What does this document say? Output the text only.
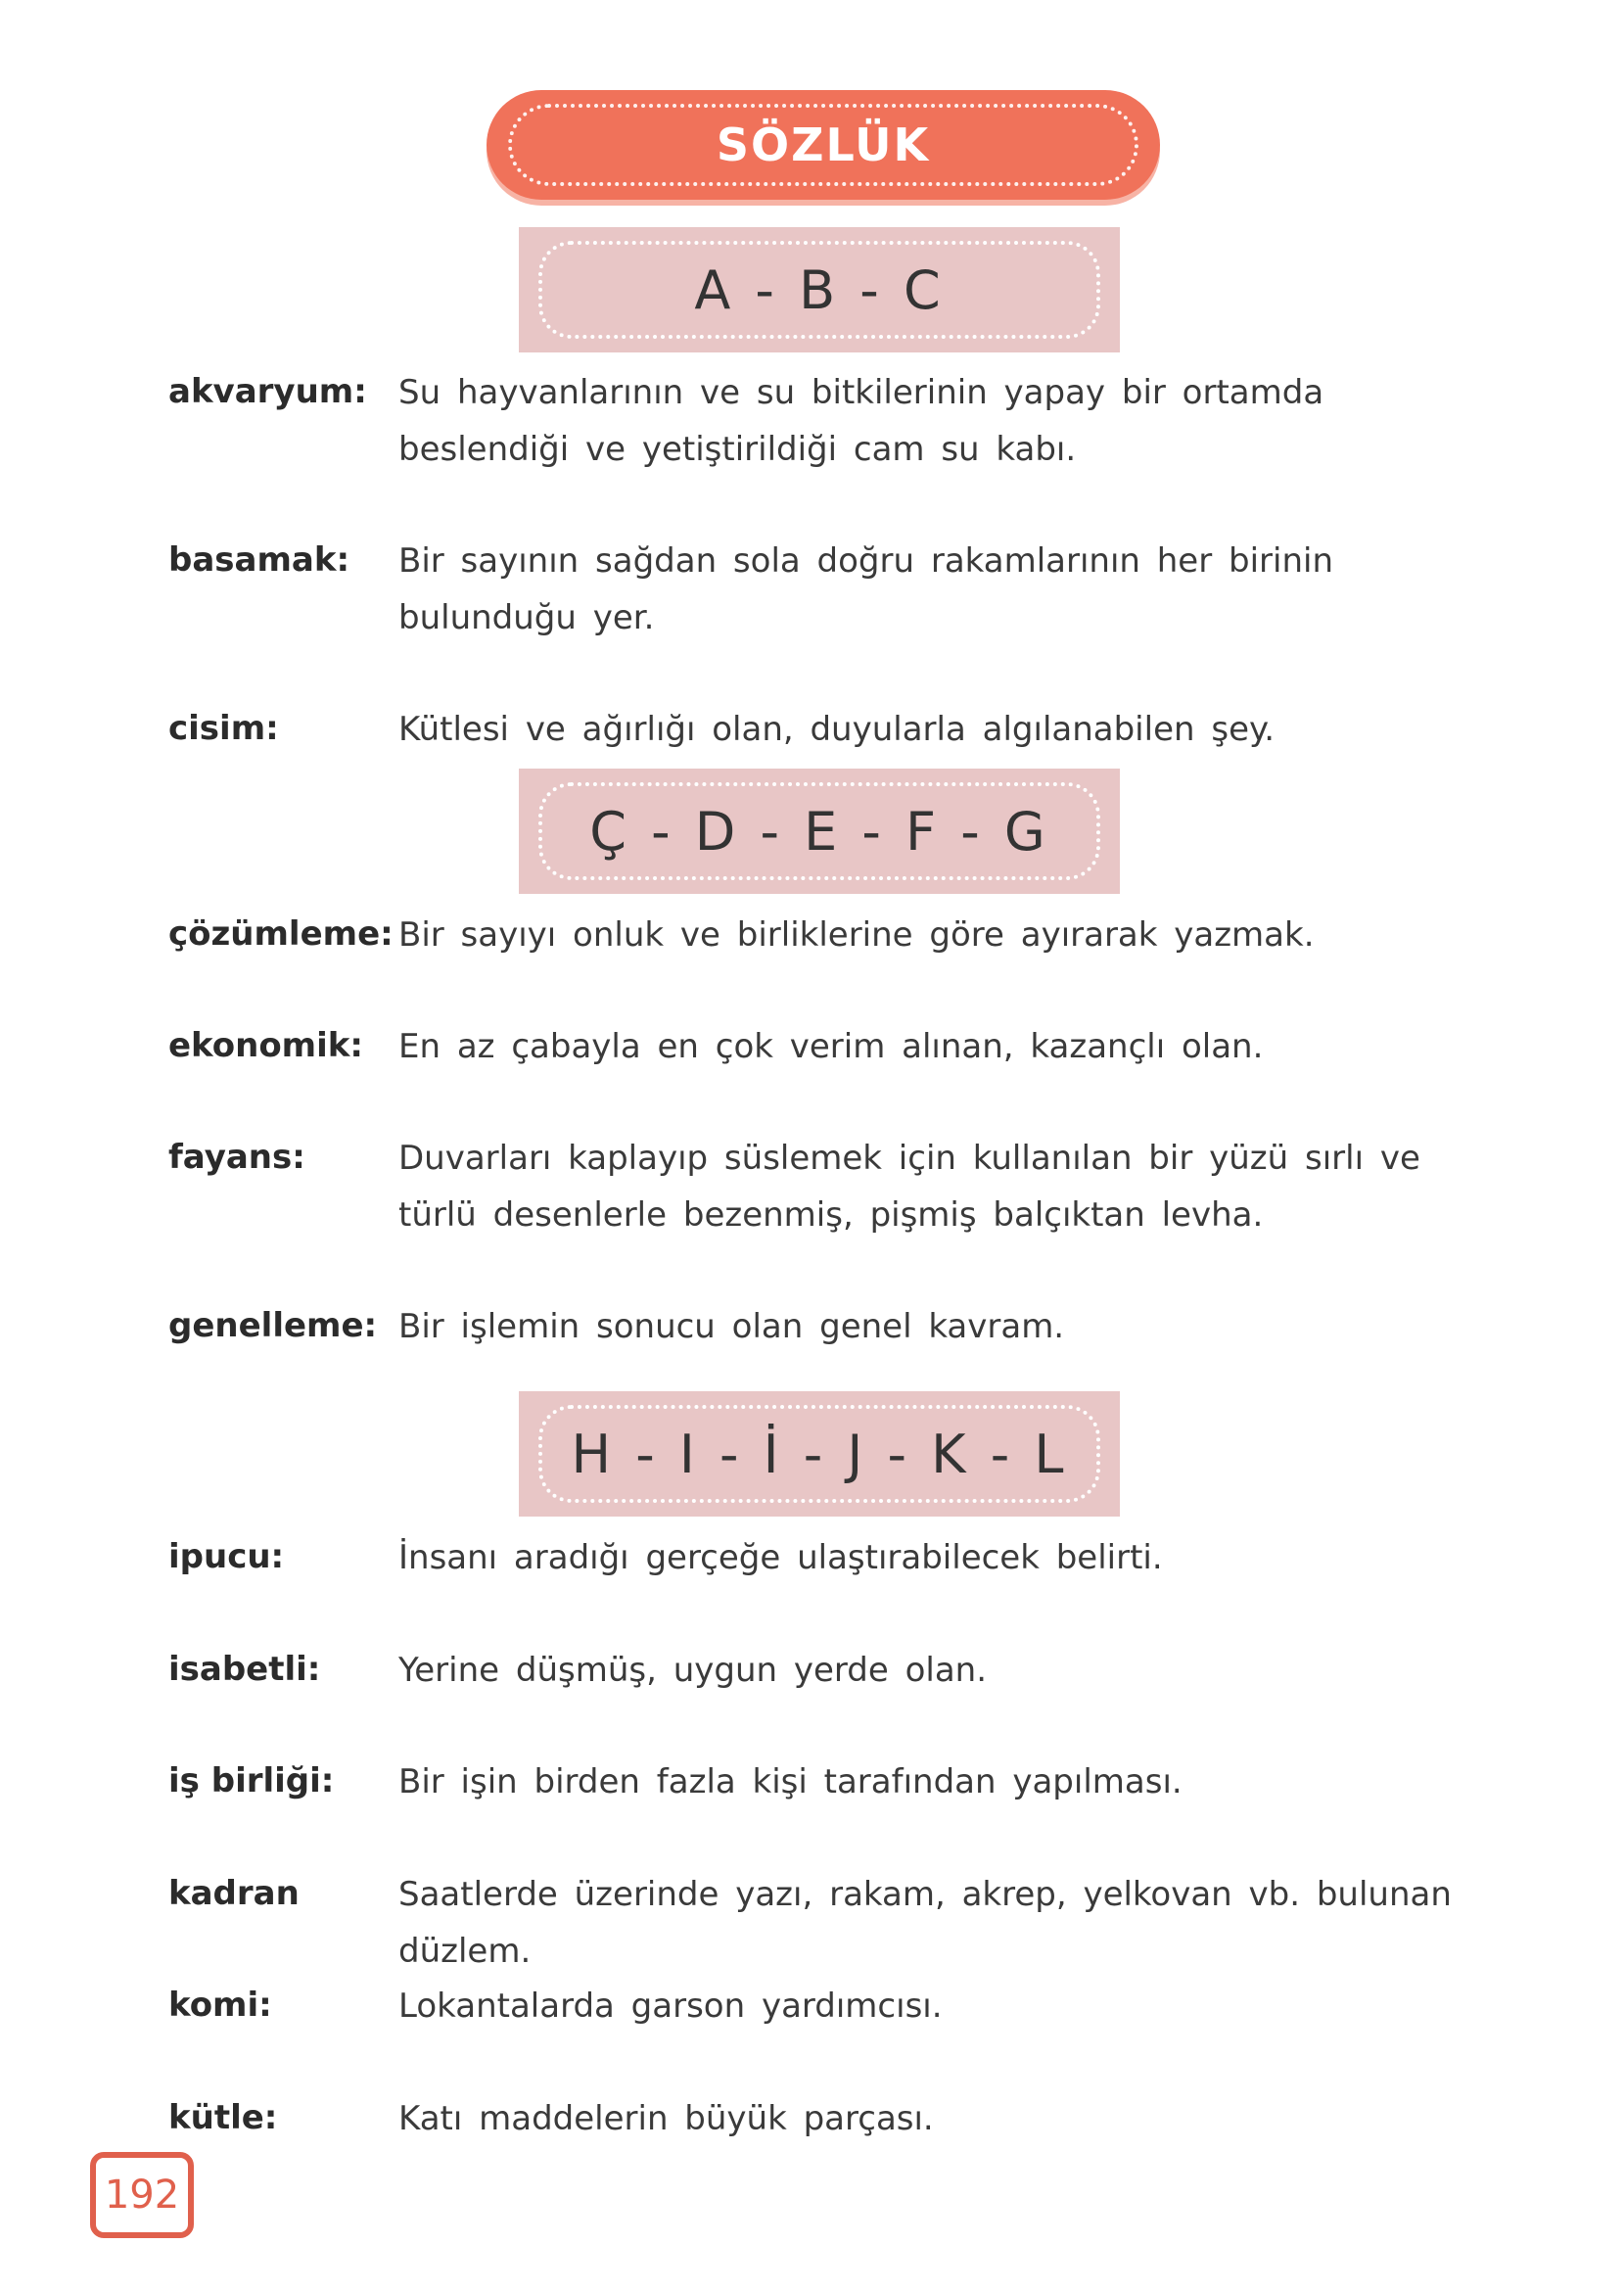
SÖZLÜK
A - B - C
akvaryum: Su hayvanlarının ve su bitkilerinin yapay bir ortamda beslendiği ve yetiştirildiği cam su kabı.
basamak: Bir sayının sağdan sola doğru rakamlarının her birinin bulunduğu yer.
cisim:	Kütlesi ve ağırlığı olan, duyularla algılanabilen şey.
Ç - D - E - F - G
çözümleme: Bir sayıyı onluk ve birliklerine göre ayırarak yazmak.
ekonomik: En az çabayla en çok verim alınan, kazançlı olan.
fayans:	Duvarları kaplayıp süslemek için kullanılan bir yüzü sırlı ve türlü desenlerle bezenmiş, pişmiş balçıktan levha.
genelleme: Bir işlemin sonucu olan genel kavram.
H - I - İ - J - K - L
ipucu:	İnsanı aradığı gerçeğe ulaştırabilecek belirti.
isabetli: Yerine düşmüş, uygun yerde olan.
iş birliği: Bir işin birden fazla kişi tarafından yapılması.
kadran	Saatlerde üzerinde yazı, rakam, akrep, yelkovan vb. bulunan düzlem.
komi:	Lokantalarda garson yardımcısı.
kütle:	Katı maddelerin büyük parçası.
192
